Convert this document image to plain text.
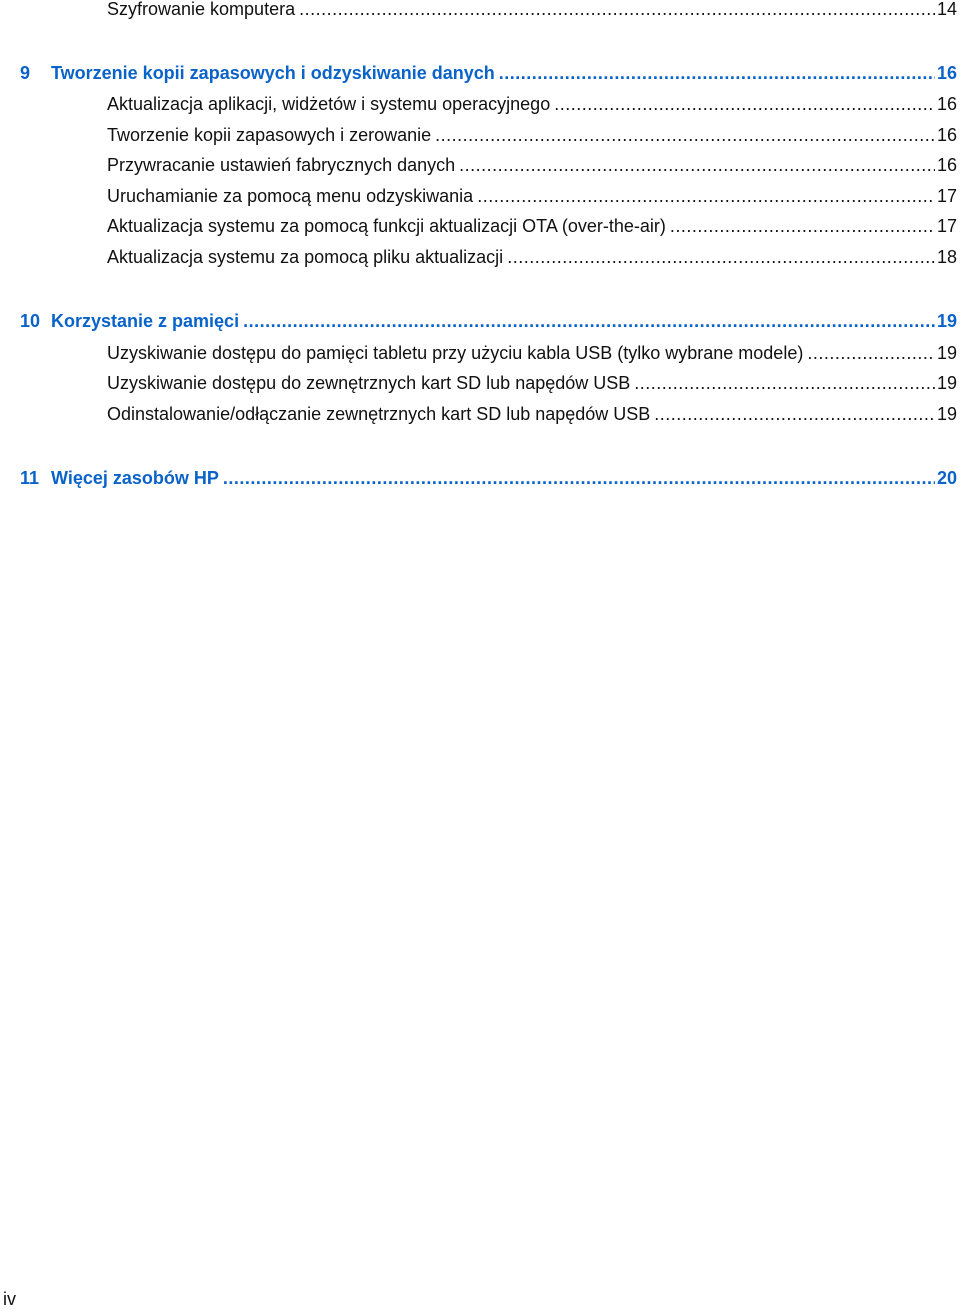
Szyfrowanie komputera .....	14
9	Tworzenie kopii zapasowych i odzyskiwanie danych .....	16
Aktualizacja aplikacji, widżetów i systemu operacyjnego .....	16
Tworzenie kopii zapasowych i zerowanie .....	16
Przywracanie ustawień fabrycznych danych .....	16
Uruchamianie za pomocą menu odzyskiwania .....	17
Aktualizacja systemu za pomocą funkcji aktualizacji OTA (over-the-air) .....	17
Aktualizacja systemu za pomocą pliku aktualizacji .....	18
10 Korzystanie z pamięci .....	19
Uzyskiwanie dostępu do pamięci tabletu przy użyciu kabla USB (tylko wybrane modele) .....	19
Uzyskiwanie dostępu do zewnętrznych kart SD lub napędów USB .....	19
Odinstalowanie/odłączanie zewnętrznych kart SD lub napędów USB .....	19
11 Więcej zasobów HP .....	20
iv
